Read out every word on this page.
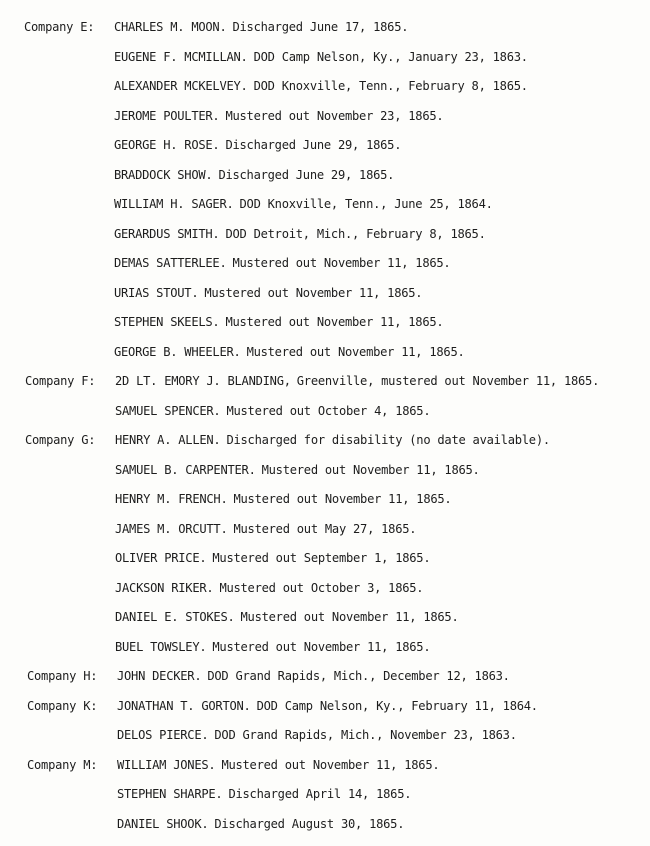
Company E: CHARLES M. MOON. Discharged June 17, 1865.
EUGENE F. MCMILLAN. DOD Camp Nelson, Ky., January 23, 1863.
ALEXANDER MCKELVEY. DOD Knoxville, Tenn., February 8, 1865.
JEROME POULTER. Mustered out November 23, 1865.
GEORGE H. ROSE. Discharged June 29, 1865.
BRADDOCK SHOW. Discharged June 29, 1865.
WILLIAM H. SAGER. DOD Knoxville, Tenn., June 25, 1864.
GERARDUS SMITH. DOD Detroit, Mich., February 8, 1865.
DEMAS SATTERLEE. Mustered out November 11, 1865.
URIAS STOUT. Mustered out November 11, 1865.
STEPHEN SKEELS. Mustered out November 11, 1865.
GEORGE B. WHEELER. Mustered out November 11, 1865.
Company F: 2D LT. EMORY J. BLANDING, Greenville, mustered out November 11, 1865.
SAMUEL SPENCER. Mustered out October 4, 1865.
Company G: HENRY A. ALLEN. Discharged for disability (no date available).
SAMUEL B. CARPENTER. Mustered out November 11, 1865.
HENRY M. FRENCH. Mustered out November 11, 1865.
JAMES M. ORCUTT. Mustered out May 27, 1865.
OLIVER PRICE. Mustered out September 1, 1865.
JACKSON RIKER. Mustered out October 3, 1865.
DANIEL E. STOKES. Mustered out November 11, 1865.
BUEL TOWSLEY. Mustered out November 11, 1865.
Company H: JOHN DECKER. DOD Grand Rapids, Mich., December 12, 1863.
Company K: JONATHAN T. GORTON. DOD Camp Nelson, Ky., February 11, 1864.
DELOS PIERCE. DOD Grand Rapids, Mich., November 23, 1863.
Company M: WILLIAM JONES. Mustered out November 11, 1865.
STEPHEN SHARPE. Discharged April 14, 1865.
DANIEL SHOOK. Discharged August 30, 1865.
